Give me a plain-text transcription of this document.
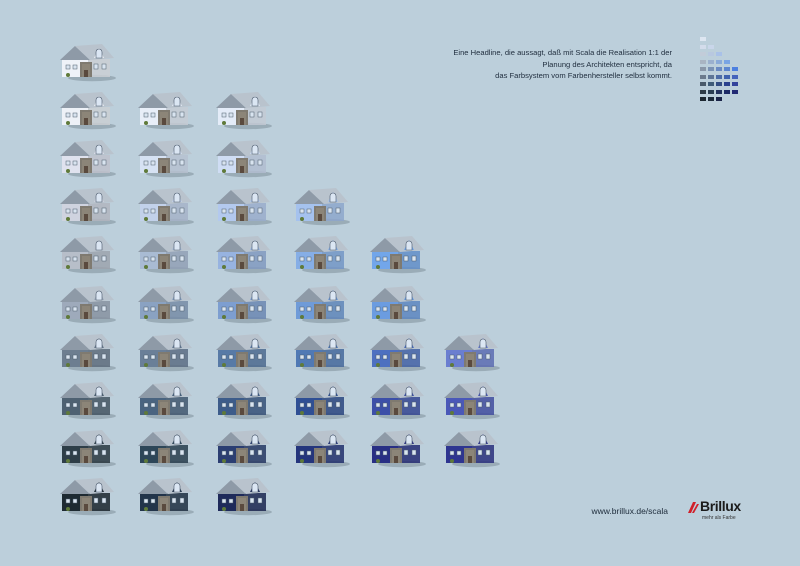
Eine Headline, die aussagt, daß mit Scala die Realisation 1:1 der
Planung des Architekten entspricht, da
das Farbsystem vom Farbenhersteller selbst kommt.
www.brillux.de/scala Brillux
mehr als Farbe
